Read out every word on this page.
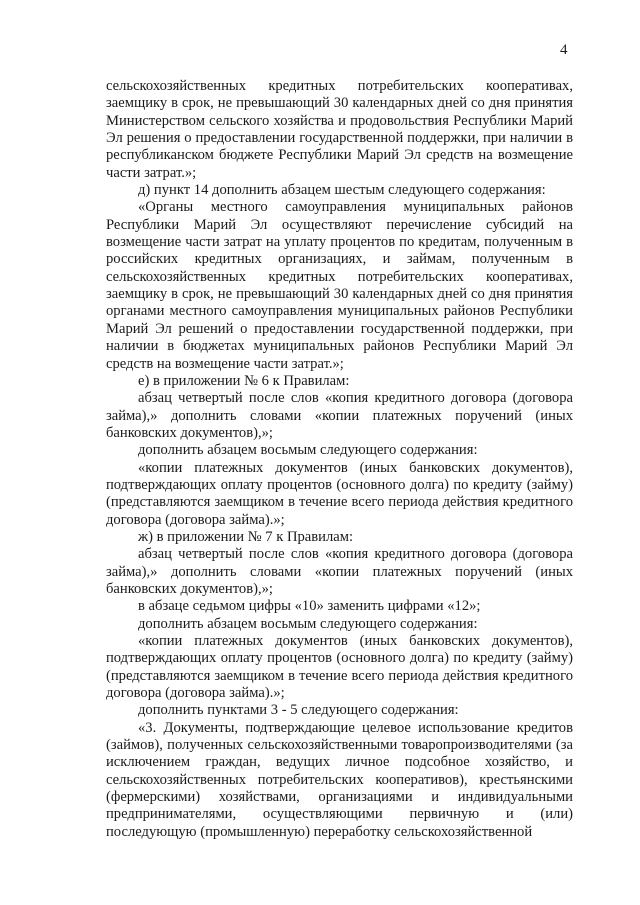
4

сельскохозяйственных кредитных потребительских кооперативах, заемщику в срок, не превышающий 30 календарных дней со дня принятия Министерством сельского хозяйства и продовольствия Республики Марий Эл решения о предоставлении государственной поддержки, при наличии в республиканском бюджете Республики Марий Эл средств на возмещение части затрат.»;

д) пункт 14 дополнить абзацем шестым следующего содержания:

«Органы местного самоуправления муниципальных районов Республики Марий Эл осуществляют перечисление субсидий на возмещение части затрат на уплату процентов по кредитам, полученным в российских кредитных организациях, и займам, полученным в сельскохозяйственных кредитных потребительских кооперативах, заемщику в срок, не превышающий 30 календарных дней со дня принятия органами местного самоуправления муниципальных районов Республики Марий Эл решений о предоставлении государственной поддержки, при наличии в бюджетах муниципальных районов Республики Марий Эл средств на возмещение части затрат.»;

е) в приложении № 6 к Правилам:

абзац четвертый после слов «копия кредитного договора (договора займа),» дополнить словами «копии платежных поручений (иных банковских документов),»;

дополнить абзацем восьмым следующего содержания:

«копии платежных документов (иных банковских документов), подтверждающих оплату процентов (основного долга) по кредиту (займу) (представляются заемщиком в течение всего периода действия кредитного договора (договора займа).»;

ж) в приложении № 7 к Правилам:

абзац четвертый после слов «копия кредитного договора (договора займа),» дополнить словами «копии платежных поручений (иных банковских документов),»;

в абзаце седьмом цифры «10» заменить цифрами «12»;

дополнить абзацем восьмым следующего содержания:

«копии платежных документов (иных банковских документов), подтверждающих оплату процентов (основного долга) по кредиту (займу) (представляются заемщиком в течение всего периода действия кредитного договора (договора займа).»;

дополнить пунктами 3 - 5 следующего содержания:

«3. Документы, подтверждающие целевое использование кредитов (займов), полученных сельскохозяйственными товаропроизводителями (за исключением граждан, ведущих личное подсобное хозяйство, и сельскохозяйственных потребительских кооперативов), крестьянскими (фермерскими) хозяйствами, организациями и индивидуальными предпринимателями, осуществляющими первичную и (или) последующую (промышленную) переработку сельскохозяйственной
